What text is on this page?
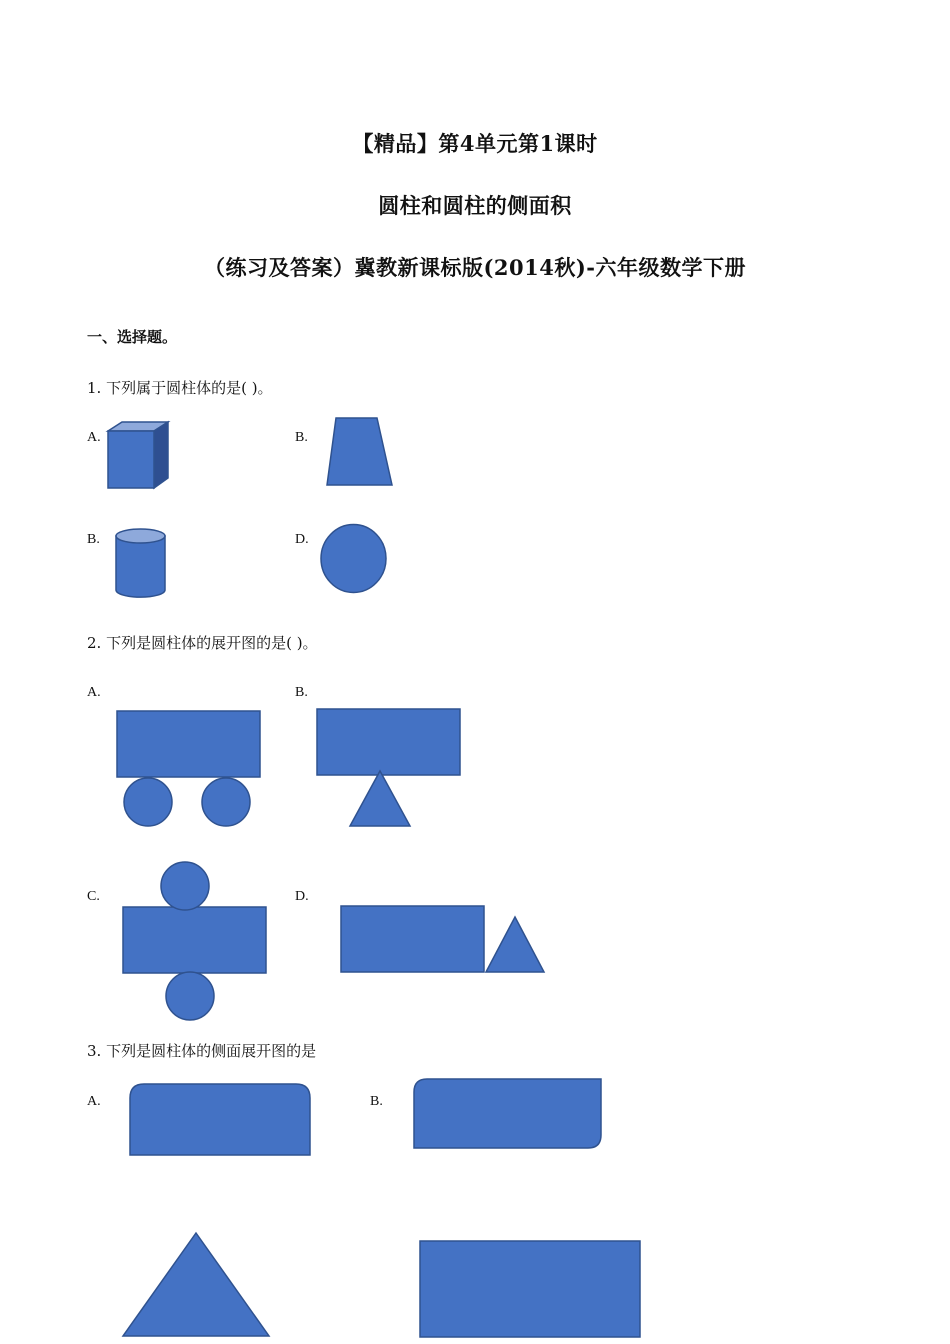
【精品】第4单元第1课时
圆柱和圆柱的侧面积
（练习及答案）冀教新课标版(2014秋)-六年级数学下册
一、选择题。
1. 下列属于圆柱体的是( )。
A.	B.
B.	D.
2. 下列是圆柱体的展开图的是( )。
A.	B.
C.	D.
3. 下列是圆柱体的侧面展开图的是
A.	B.
